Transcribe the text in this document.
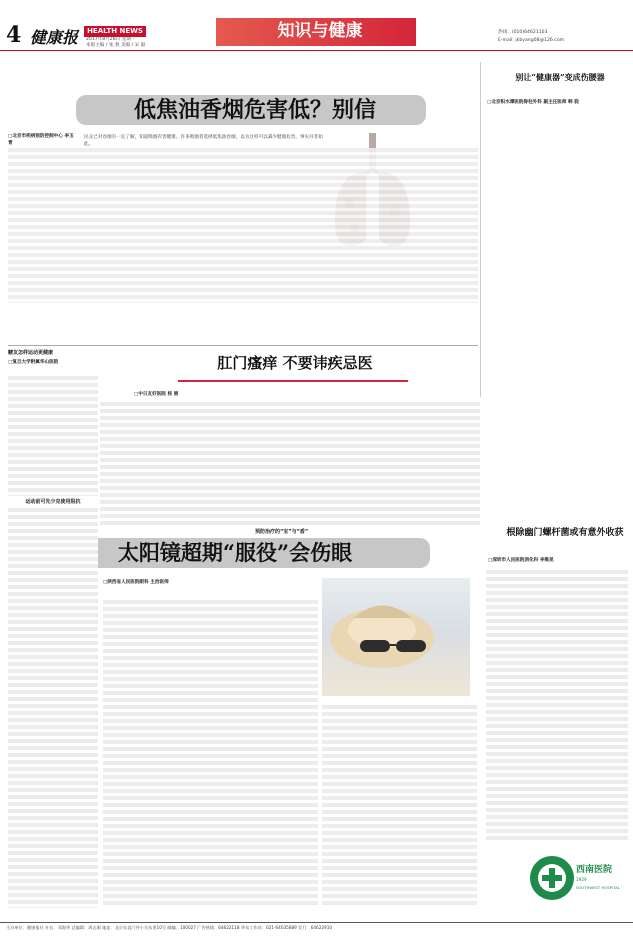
4 健康报	HEALTH NEWS
2017年8月28日 星期一
本版主编 / 张 燕 美编 / 宋 毅
知识与健康	热线：(010)64621103
E-mail: jkbyang08@126.com
低焦油香烟危害低？别信
别让“健康器”变成伤腰器
□北京积水潭医院脊柱外科 副主任医师 韩 骁
□北京市疾病预防控制中心 李玉青
民众已对卷烟有一定了解，知道吸烟有害健康。许多吸烟者选择低焦油卷烟，以为这样可以减少健康危害。事实并非如此。
糖友怎样运动更健康
□复旦大学附属华山医院
运动前可先少克使用阻抗
肛门瘙痒 不要讳疾忌医
□中日友好医院 杨 丽
预防治疗的“宝”与“盾”	根除幽门螺杆菌或有意外收获
□深圳市人民医院消化科 李维昆
太阳镜超期“服役”会伤眼
□陕西省人民医院眼科 主治医师
西南医院
1929
SOUTHWEST HOSPITAL
主办单位：健康报社 社长：邓海华 总编辑：周志刚 地址：北京东直门外小关东里10号 邮编：100027 广告热线：64622118 华东工作站：021-64035889 发行：64622910
